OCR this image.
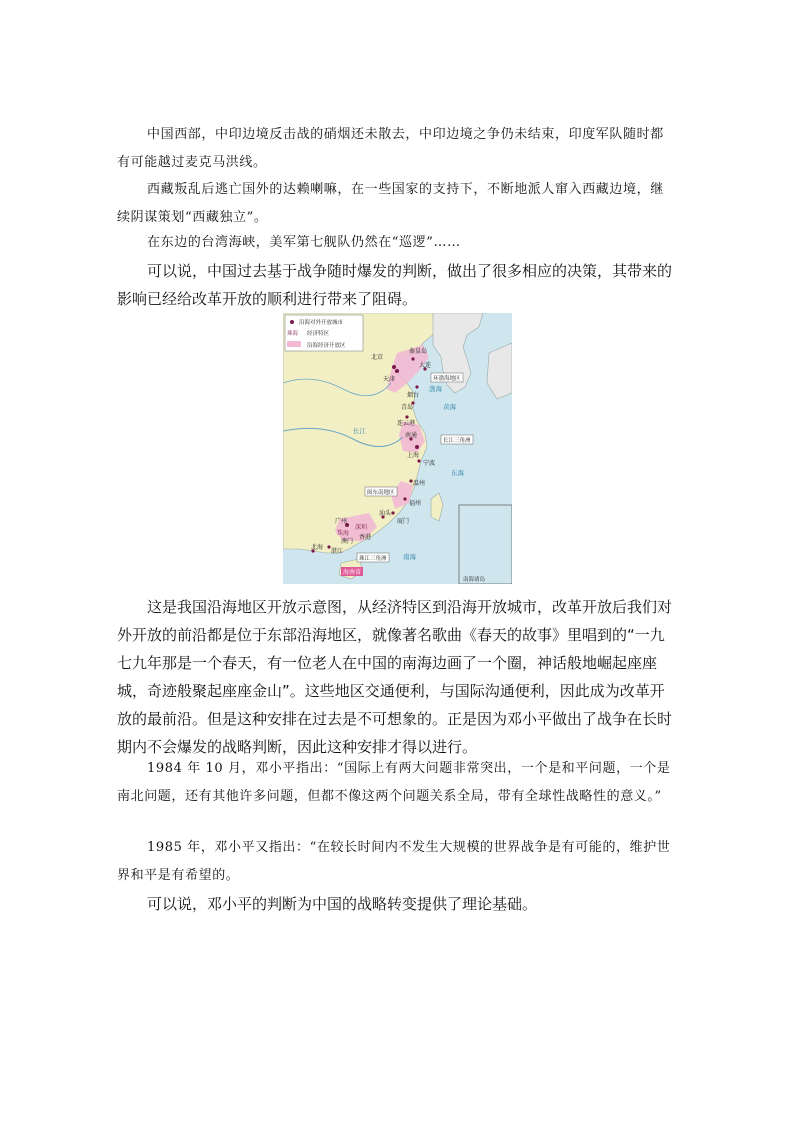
中国西部，中印边境反击战的硝烟还未散去，中印边境之争仍未结束，印度军队随时都有可能越过麦克马洪线。

西藏叛乱后逃亡国外的达赖喇嘛，在一些国家的支持下，不断地派人窜入西藏边境，继续阴谋策划“西藏独立”。

在东边的台湾海峡，美军第七舰队仍然在“巡逻”……

可以说，中国过去基于战争随时爆发的判断，做出了很多相应的决策，其带来的影响已经给改革开放的顺利进行带来了阻碍。

沿海对外开放城市
珠海 经济特区
沿海经济开放区
北京
天津
秦皇岛
大连
烟台
青岛
连云港
南通
上海
宁波
温州
福州
厦门
汕头
广州
深圳
珠海
澳门
香港
湛江
北海
海南省
环渤海地区
长江三角洲
闽东南地区
珠江三角洲
南海诸岛
渤海
黄海
东海
南海
长江

这是我国沿海地区开放示意图，从经济特区到沿海开放城市，改革开放后我们对外开放的前沿都是位于东部沿海地区，就像著名歌曲《春天的故事》里唱到的“一九七九年那是一个春天，有一位老人在中国的南海边画了一个圈，神话般地崛起座座城，奇迹般聚起座座金山”。这些地区交通便利，与国际沟通便利，因此成为改革开放的最前沿。但是这种安排在过去是不可想象的。正是因为邓小平做出了战争在长时期内不会爆发的战略判断，因此这种安排才得以进行。

1984 年 10 月，邓小平指出：“国际上有两大问题非常突出，一个是和平问题，一个是南北问题，还有其他许多问题，但都不像这两个问题关系全局，带有全球性战略性的意义。”

1985 年，邓小平又指出：“在较长时间内不发生大规模的世界战争是有可能的，维护世界和平是有希望的。

可以说，邓小平的判断为中国的战略转变提供了理论基础。
